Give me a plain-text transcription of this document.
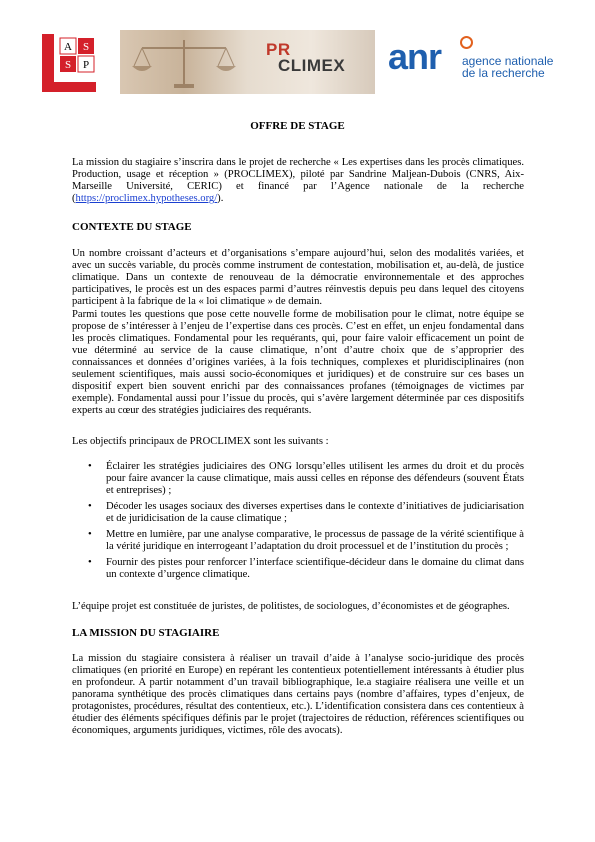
A S
S P
PR
CLIMEX anr agence nationale
de la recherche
OFFRE DE STAGE

La mission du stagiaire s’inscrira dans le projet de recherche « Les expertises dans les procès climatiques. Production, usage et réception » (PROCLIMEX), piloté par Sandrine Maljean-Dubois (CNRS, Aix-Marseille Université, CERIC) et financé par l’Agence nationale de la recherche (https://proclimex.hypotheses.org/).

CONTEXTE DU STAGE

Un nombre croissant d’acteurs et d’organisations s’empare aujourd’hui, selon des modalités variées, et avec un succès variable, du procès comme instrument de contestation, mobilisation et, au-delà, de justice climatique. Dans un contexte de renouveau de la démocratie environnementale et des approches participatives, le procès est un des espaces parmi d’autres réinvestis depuis peu dans lequel des citoyens participent à la fabrique de la « loi climatique » de demain.

Parmi toutes les questions que pose cette nouvelle forme de mobilisation pour le climat, notre équipe se propose de s’intéresser à l’enjeu de l’expertise dans ces procès. C’est en effet, un enjeu fondamental dans les procès climatiques. Fondamental pour les requérants, qui, pour faire valoir efficacement un point de vue déterminé au service de la cause climatique, n’ont d’autre choix que de s’approprier des connaissances et données d’origines variées, à la fois techniques, complexes et pluridisciplinaires (non seulement scientifiques, mais aussi socio-économiques et juridiques) et de construire sur ces bases un dispositif expert bien souvent enrichi par des connaissances profanes (témoignages de victimes par exemple). Fondamental aussi pour l’issue du procès, qui s’avère largement déterminée par ces dispositifs experts au cœur des stratégies judiciaires des requérants.

Les objectifs principaux de PROCLIMEX sont les suivants :

• Éclairer les stratégies judiciaires des ONG lorsqu’elles utilisent les armes du droit et du procès pour faire avancer la cause climatique, mais aussi celles en réponse des défendeurs (souvent États et entreprises) ;
• Décoder les usages sociaux des diverses expertises dans le contexte d’initiatives de judiciarisation et de juridicisation de la cause climatique ;
• Mettre en lumière, par une analyse comparative, le processus de passage de la vérité scientifique à la vérité juridique en interrogeant l’adaptation du droit processuel et de l’institution du procès ;
• Fournir des pistes pour renforcer l’interface scientifique-décideur dans le domaine du climat dans un contexte d’urgence climatique.

L’équipe projet est constituée de juristes, de politistes, de sociologues, d’économistes et de géographes.

LA MISSION DU STAGIAIRE

La mission du stagiaire consistera à réaliser un travail d’aide à l’analyse socio-juridique des procès climatiques (en priorité en Europe) en repérant les contentieux potentiellement intéressants à étudier plus en profondeur. A partir notamment d’un travail bibliographique, le.a stagiaire réalisera une veille et un panorama synthétique des procès climatiques dans certains pays (nombre d’affaires, types d’enjeux, de protagonistes, procédures, résultat des contentieux, etc.). L’identification consistera dans ces contentieux à étudier des éléments spécifiques définis par le projet (trajectoires de réduction, références scientifiques ou économiques, arguments juridiques, victimes, rôle des avocats).
